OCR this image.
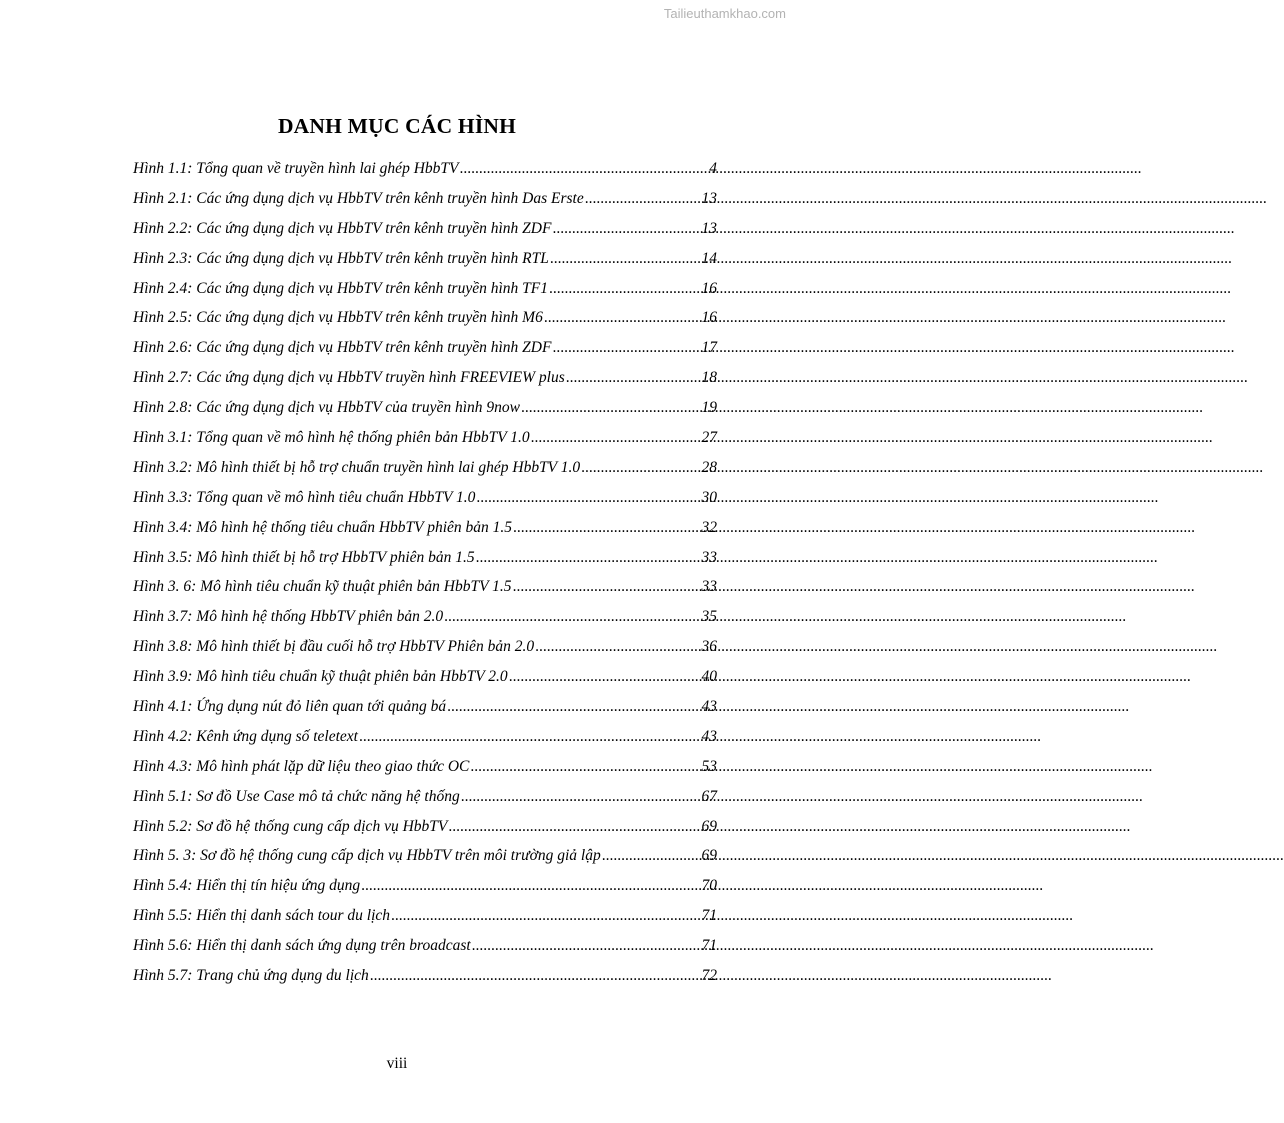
Tailieuthamkhao.com
DANH MỤC CÁC HÌNH
Hình 1.1: Tổng quan về truyền hình lai ghép HbbTV .....	4
Hình 2.1: Các ứng dụng dịch vụ HbbTV trên kênh truyền hình Das Erste .....	13
Hình 2.2: Các ứng dụng dịch vụ HbbTV trên kênh truyền hình ZDF .....	13
Hình 2.3: Các ứng dụng dịch vụ HbbTV trên kênh truyền hình RTL .....	14
Hình 2.4: Các ứng dụng dịch vụ HbbTV trên kênh truyền hình TF1 .....	16
Hình 2.5: Các ứng dụng dịch vụ HbbTV trên kênh truyền hình M6 .....	16
Hình 2.6: Các ứng dụng dịch vụ HbbTV trên kênh truyền hình ZDF .....	17
Hình 2.7: Các ứng dụng dịch vụ HbbTV truyền hình FREEVIEW plus .....	18
Hình 2.8: Các ứng dụng dịch vụ HbbTV của truyền hình 9now .....	19
Hình 3.1: Tổng quan về mô hình hệ thống phiên bản HbbTV 1.0 .....	27
Hình 3.2: Mô hình thiết bị hỗ trợ chuẩn truyền hình lai ghép HbbTV 1.0 .....	28
Hình 3.3: Tổng quan về mô hình tiêu chuẩn HbbTV 1.0 .....	30
Hình 3.4: Mô hình hệ thống tiêu chuẩn HbbTV phiên bản 1.5 .....	32
Hình 3.5: Mô hình thiết bị hỗ trợ HbbTV phiên bản 1.5 .....	33
Hình 3. 6: Mô hình tiêu chuẩn kỹ thuật phiên bản HbbTV 1.5 .....	33
Hình 3.7: Mô hình hệ thống HbbTV phiên bản 2.0 .....	35
Hình 3.8: Mô hình thiết bị đầu cuối hỗ trợ HbbTV Phiên bản 2.0 .....	36
Hình 3.9: Mô hình tiêu chuẩn kỹ thuật phiên bản HbbTV 2.0 .....	40
Hình 4.1: Ứng dụng nút đỏ liên quan tới quảng bá .....	43
Hình 4.2: Kênh ứng dụng số teletext .....	43
Hình 4.3: Mô hình phát lặp dữ liệu theo giao thức OC .....	53
Hình 5.1: Sơ đồ Use Case mô tả chức năng hệ thống .....	67
Hình 5.2: Sơ đồ hệ thống cung cấp dịch vụ HbbTV .....	69
Hình 5. 3: Sơ đồ hệ thống cung cấp dịch vụ HbbTV trên môi trường giả lập .....	69
Hình 5.4: Hiển thị tín hiệu ứng dụng .....	70
Hình 5.5: Hiển thị danh sách tour du lịch .....	71
Hình 5.6: Hiển thị danh sách ứng dụng trên broadcast .....	71
Hình 5.7: Trang chủ ứng dụng du lịch .....	72
viii
